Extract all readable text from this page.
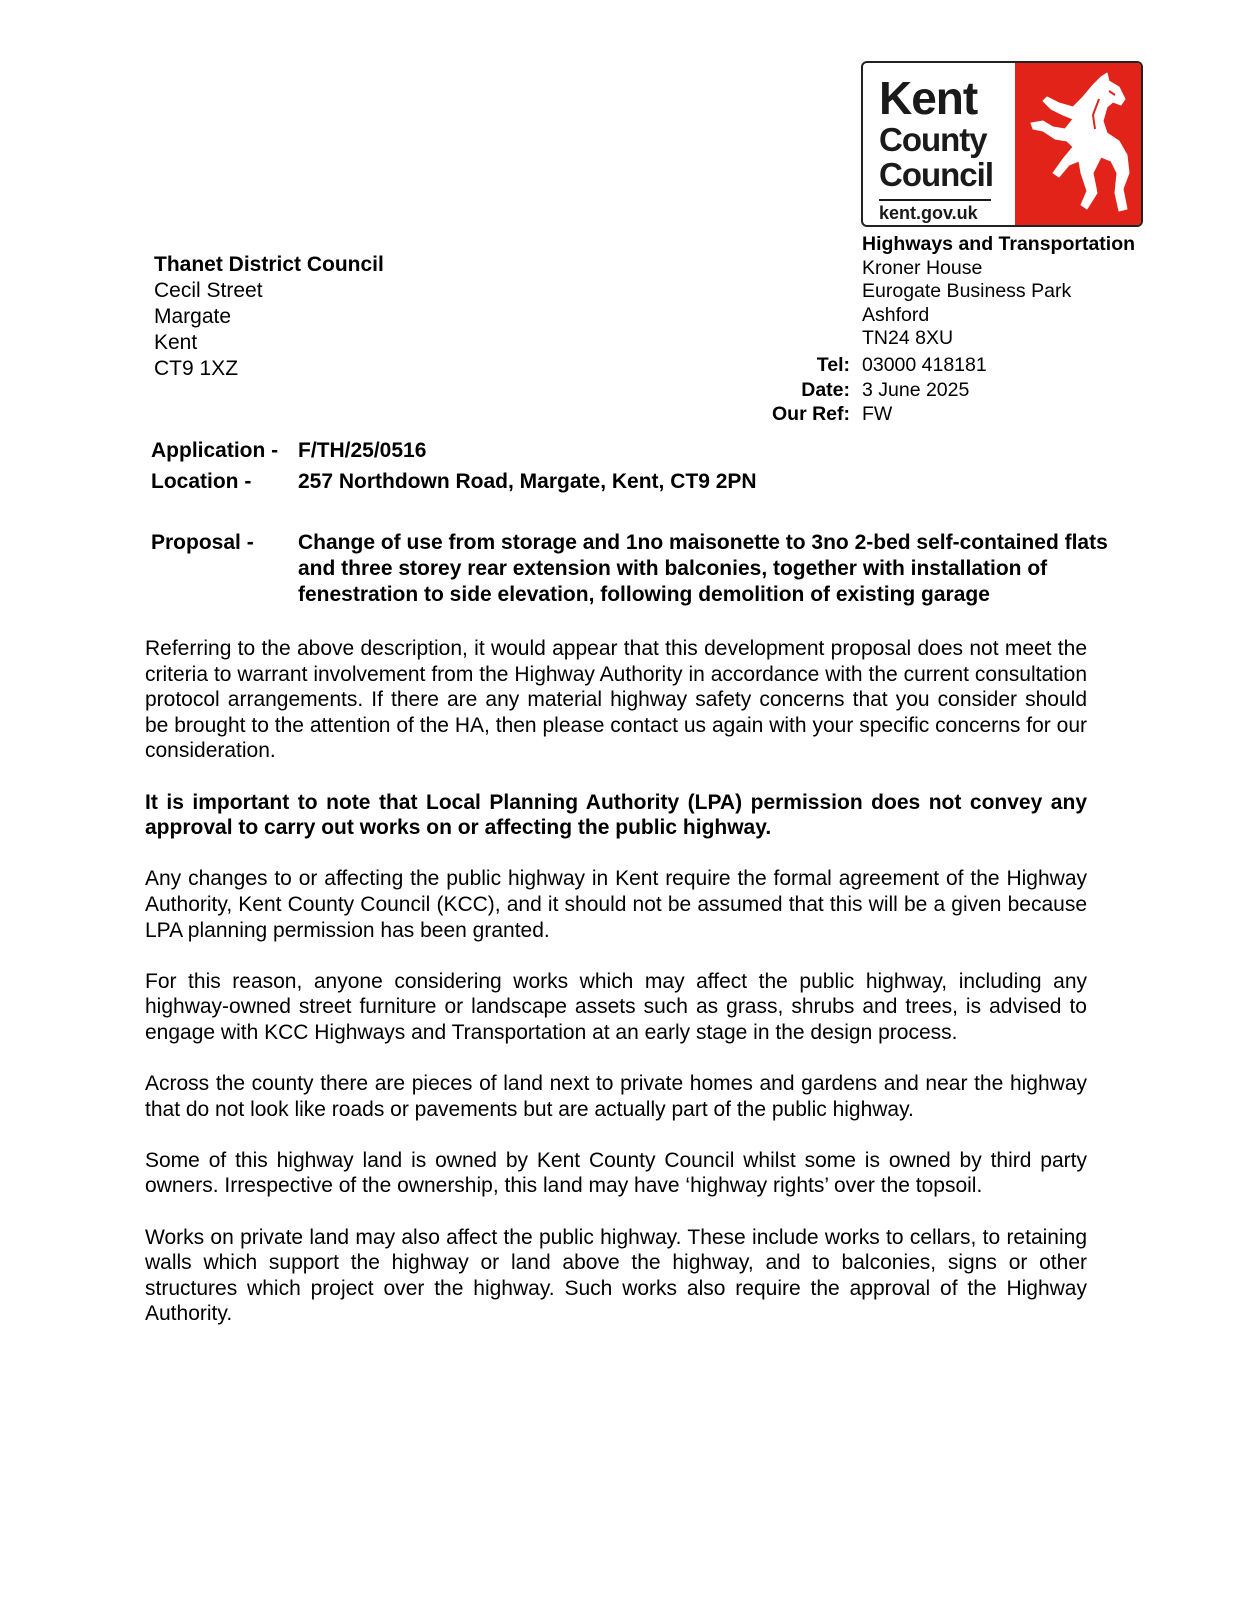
Kent
County
Council
kent.gov.uk
Highways and Transportation
Kroner House
Eurogate Business Park
Ashford
TN24 8XU
Thanet District Council
Cecil Street
Margate
Kent
CT9 1XZ	Tel:
Date:
Our Ref:
03000 418181
3 June 2025
FW
Application - F/TH/25/0516
Location - 257 Northdown Road, Margate, Kent, CT9 2PN
Proposal - Change of use from storage and 1no maisonette to 3no 2-bed self-contained flats and three storey rear extension with balconies, together with installation of fenestration to side elevation, following demolition of existing garage

Referring to the above description, it would appear that this development proposal does not meet the criteria to warrant involvement from the Highway Authority in accordance with the current consultation protocol arrangements. If there are any material highway safety concerns that you consider should be brought to the attention of the HA, then please contact us again with your specific concerns for our consideration.

It is important to note that Local Planning Authority (LPA) permission does not convey any approval to carry out works on or affecting the public highway.

Any changes to or affecting the public highway in Kent require the formal agreement of the Highway Authority, Kent County Council (KCC), and it should not be assumed that this will be a given because LPA planning permission has been granted.

For this reason, anyone considering works which may affect the public highway, including any highway-owned street furniture or landscape assets such as grass, shrubs and trees, is advised to engage with KCC Highways and Transportation at an early stage in the design process.

Across the county there are pieces of land next to private homes and gardens and near the highway that do not look like roads or pavements but are actually part of the public highway.

Some of this highway land is owned by Kent County Council whilst some is owned by third party owners. Irrespective of the ownership, this land may have ‘highway rights’ over the topsoil.

Works on private land may also affect the public highway. These include works to cellars, to retaining walls which support the highway or land above the highway, and to balconies, signs or other structures which project over the highway. Such works also require the approval of the Highway Authority.
